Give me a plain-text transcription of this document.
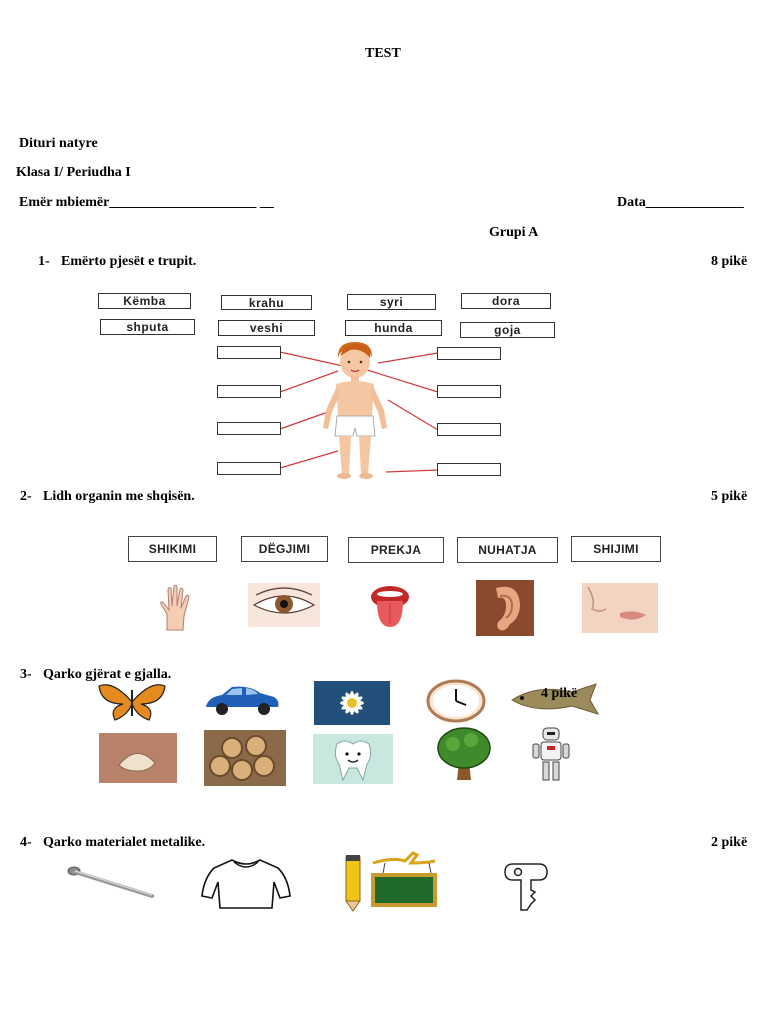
TEST
Dituri natyre
Klasa I/ Periudha I
Emër mbiemër_____________________ __	Data______________
Grupi A
1- Emërto pjesët e trupit.	8 pikë
Këmba	krahu	syri	dora
shputa	veshi	hunda	goja
2- Lidh organin me shqisën.	5 pikë
SHIKIMI	DËGJIMI	PREKJA	NUHATJA	SHIJIMI
3- Qarko gjërat e gjalla.
4 pikë
4- Qarko materialet metalike.	2 pikë
